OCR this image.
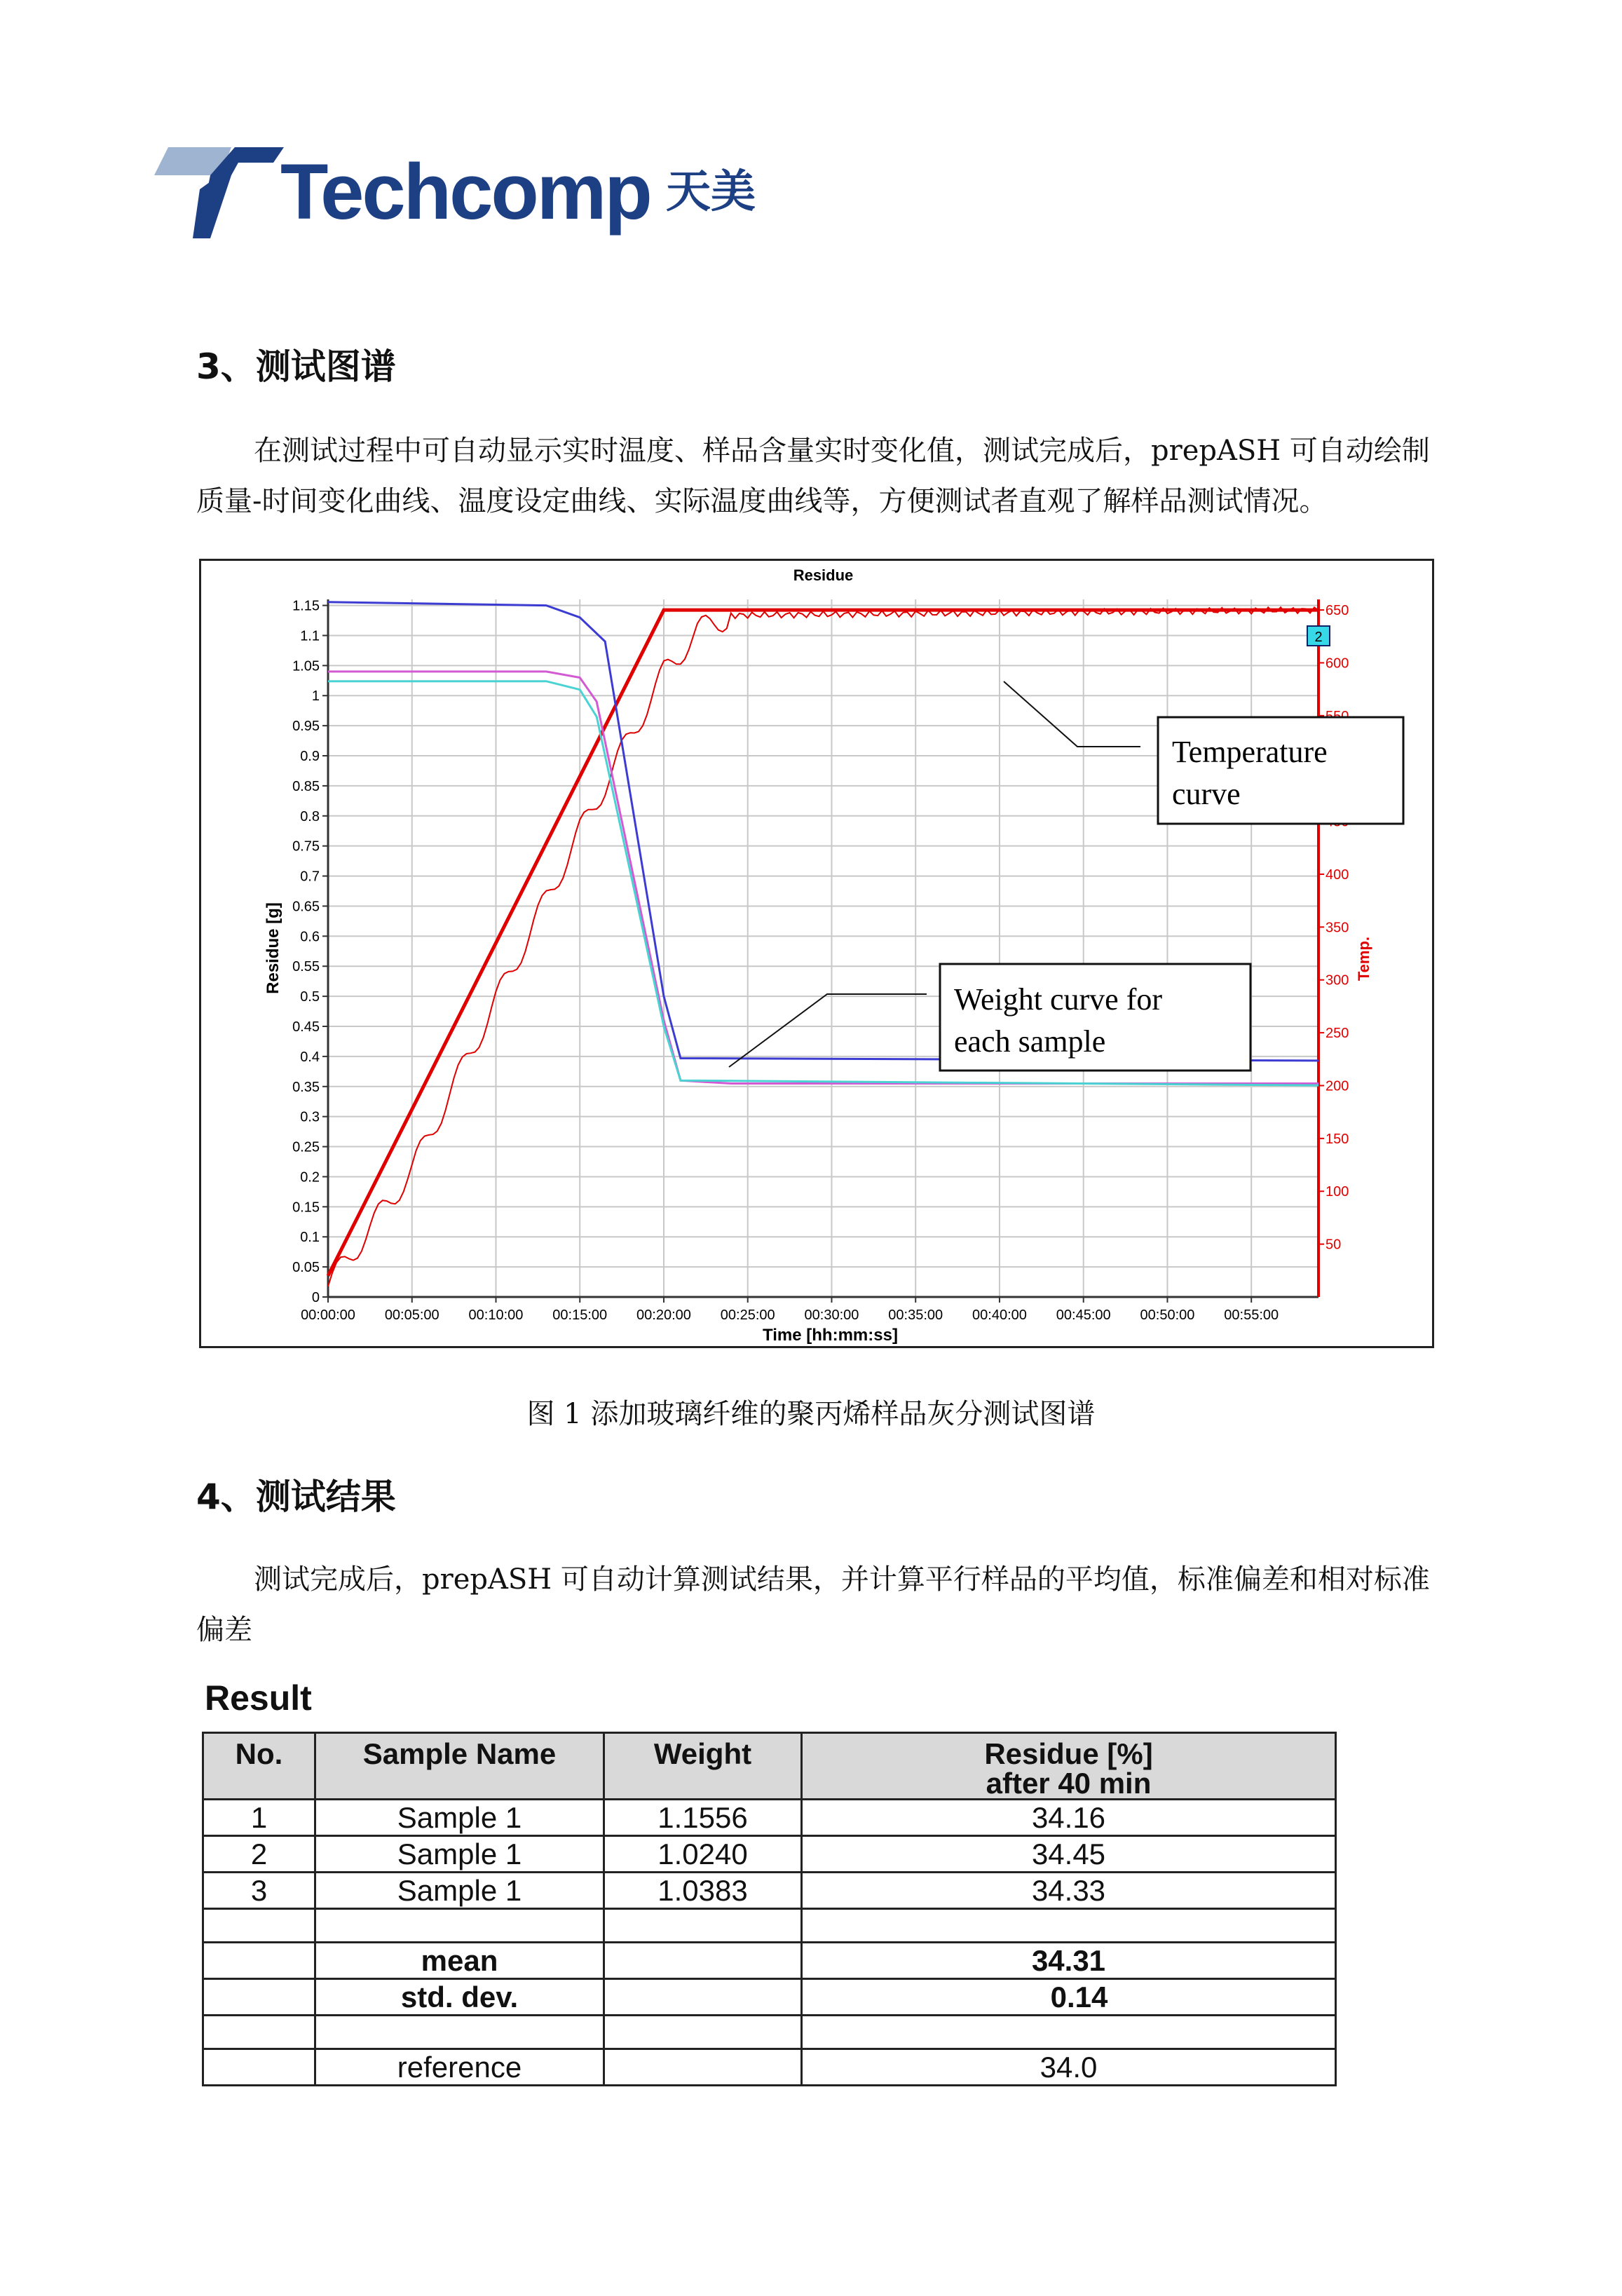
Techcomp 天美
3、测试图谱
在测试过程中可自动显示实时温度、样品含量实时变化值，测试完成后，prepASH 可自动绘制
质量-时间变化曲线、温度设定曲线、实际温度曲线等，方便测试者直观了解样品测试情况。
Residue
00:00:00 00:05:00 00:10:00 00:15:00 00:20:00 00:25:00 00:30:00 00:35:00 00:40:00 00:45:00 00:50:00 00:55:00
0
0.05
0.1
0.15
0.2
0.25
0.3
0.35
0.4
0.45
0.5
0.55
0.6
0.65
0.7
0.75
0.8
0.85
0.9
0.95
1
1.05
1.1
1.15
50
100
150
200
250
300
350
400
600
650
Time [hh:mm:ss]
Residue [g]	Temp.
2
Temperature
curve
Weight curve for
each sample
图 1 添加玻璃纤维的聚丙烯样品灰分测试图谱
4、测试结果
测试完成后，prepASH 可自动计算测试结果，并计算平行样品的平均值，标准偏差和相对标准
偏差
Result
No.	Sample Name	Weight	Residue [%]
after 40 min

1	Sample 1	1.1556	34.16
2	Sample 1	1.0240	34.45
3	Sample 1	1.0383	34.33

	mean		34.31
	std. dev.		0.14

	reference		34.0
